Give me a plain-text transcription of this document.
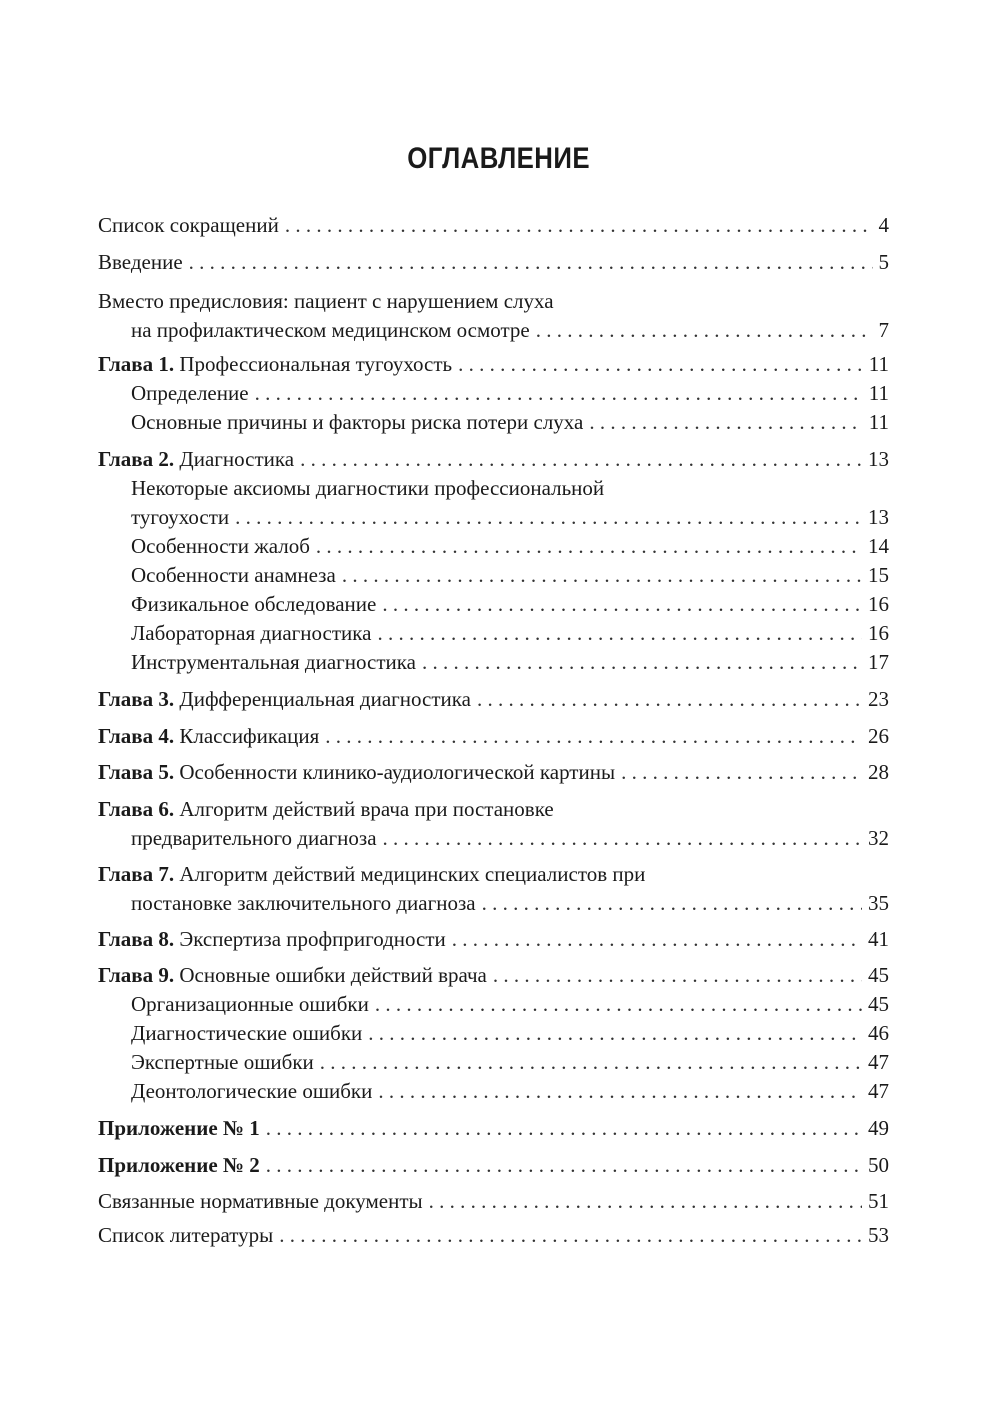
ОГЛАВЛЕНИЕ
Список сокращений . . .	4
Введение . . .	5
Вместо предисловия: пациент с нарушением слуха
на профилактическом медицинском осмотре . . .	7
Глава 1. Профессиональная тугоухость . . .	11
Определение . . .	11
Основные причины и факторы риска потери слуха . . .	11
Глава 2. Диагностика . . .	13
Некоторые аксиомы диагностики профессиональной
тугоухости . . .	13
Особенности жалоб . . .	14
Особенности анамнеза . . .	15
Физикальное обследование . . .	16
Лабораторная диагностика . . .	16
Инструментальная диагностика . . .	17
Глава 3. Дифференциальная диагностика . . .	23
Глава 4. Классификация . . .	26
Глава 5. Особенности клинико-аудиологической картины . . .	28
Глава 6. Алгоритм действий врача при постановке
предварительного диагноза . . .	32
Глава 7. Алгоритм действий медицинских специалистов при
постановке заключительного диагноза . . .	35
Глава 8. Экспертиза профпригодности . . .	41
Глава 9. Основные ошибки действий врача . . .	45
Организационные ошибки . . .	45
Диагностические ошибки . . .	46
Экспертные ошибки . . .	47
Деонтологические ошибки . . .	47
Приложение № 1 . . .	49
Приложение № 2 . . .	50
Связанные нормативные документы . . .	51
Список литературы . . .	53
